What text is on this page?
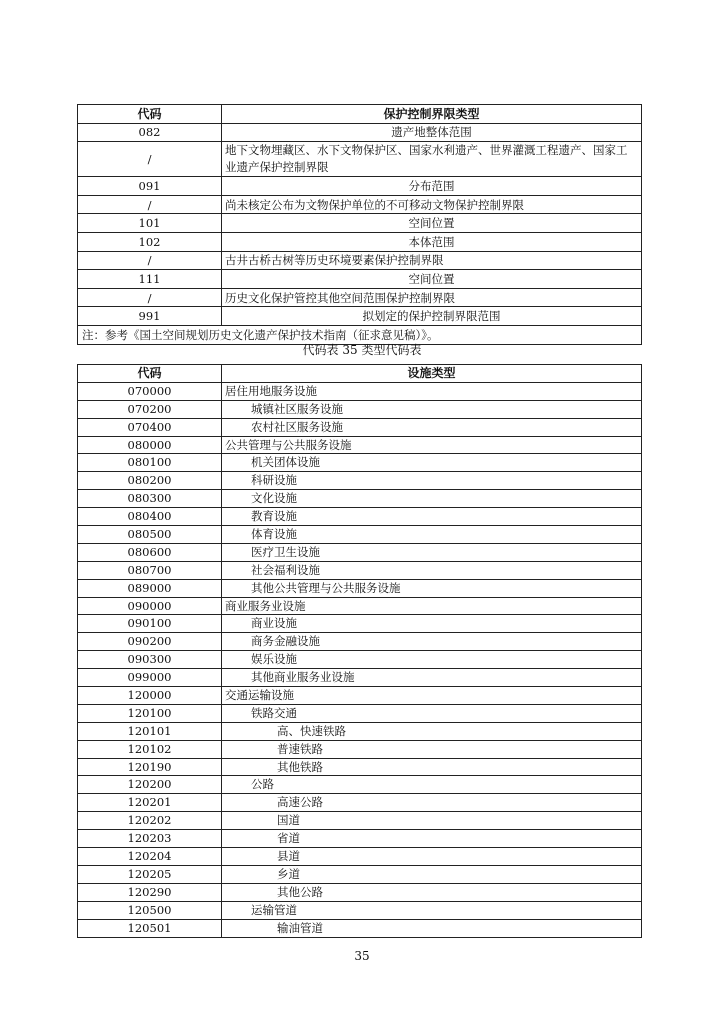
代码	保护控制界限类型
082	遗产地整体范围
/	地下文物埋藏区、水下文物保护区、国家水利遗产、世界灌溉工程遗产、国家工业遗产保护控制界限
091	分布范围
/	尚未核定公布为文物保护单位的不可移动文物保护控制界限
101	空间位置
102	本体范围
/	古井古桥古树等历史环境要素保护控制界限
111	空间位置
/	历史文化保护管控其他空间范围保护控制界限
991	拟划定的保护控制界限范围
注：参考《国土空间规划历史文化遗产保护技术指南（征求意见稿）》。	
代码表 35 类型代码表
代码	设施类型
070000	居住用地服务设施
070200	城镇社区服务设施
070400	农村社区服务设施
080000	公共管理与公共服务设施
080100	机关团体设施
080200	科研设施
080300	文化设施
080400	教育设施
080500	体育设施
080600	医疗卫生设施
080700	社会福利设施
089000	其他公共管理与公共服务设施
090000	商业服务业设施
090100	商业设施
090200	商务金融设施
090300	娱乐设施
099000	其他商业服务业设施
120000	交通运输设施
120100	铁路交通
120101	高、快速铁路
120102	普速铁路
120190	其他铁路
120200	公路
120201	高速公路
120202	国道
120203	省道
120204	县道
120205	乡道
120290	其他公路
120500	运输管道
120501	输油管道
35
